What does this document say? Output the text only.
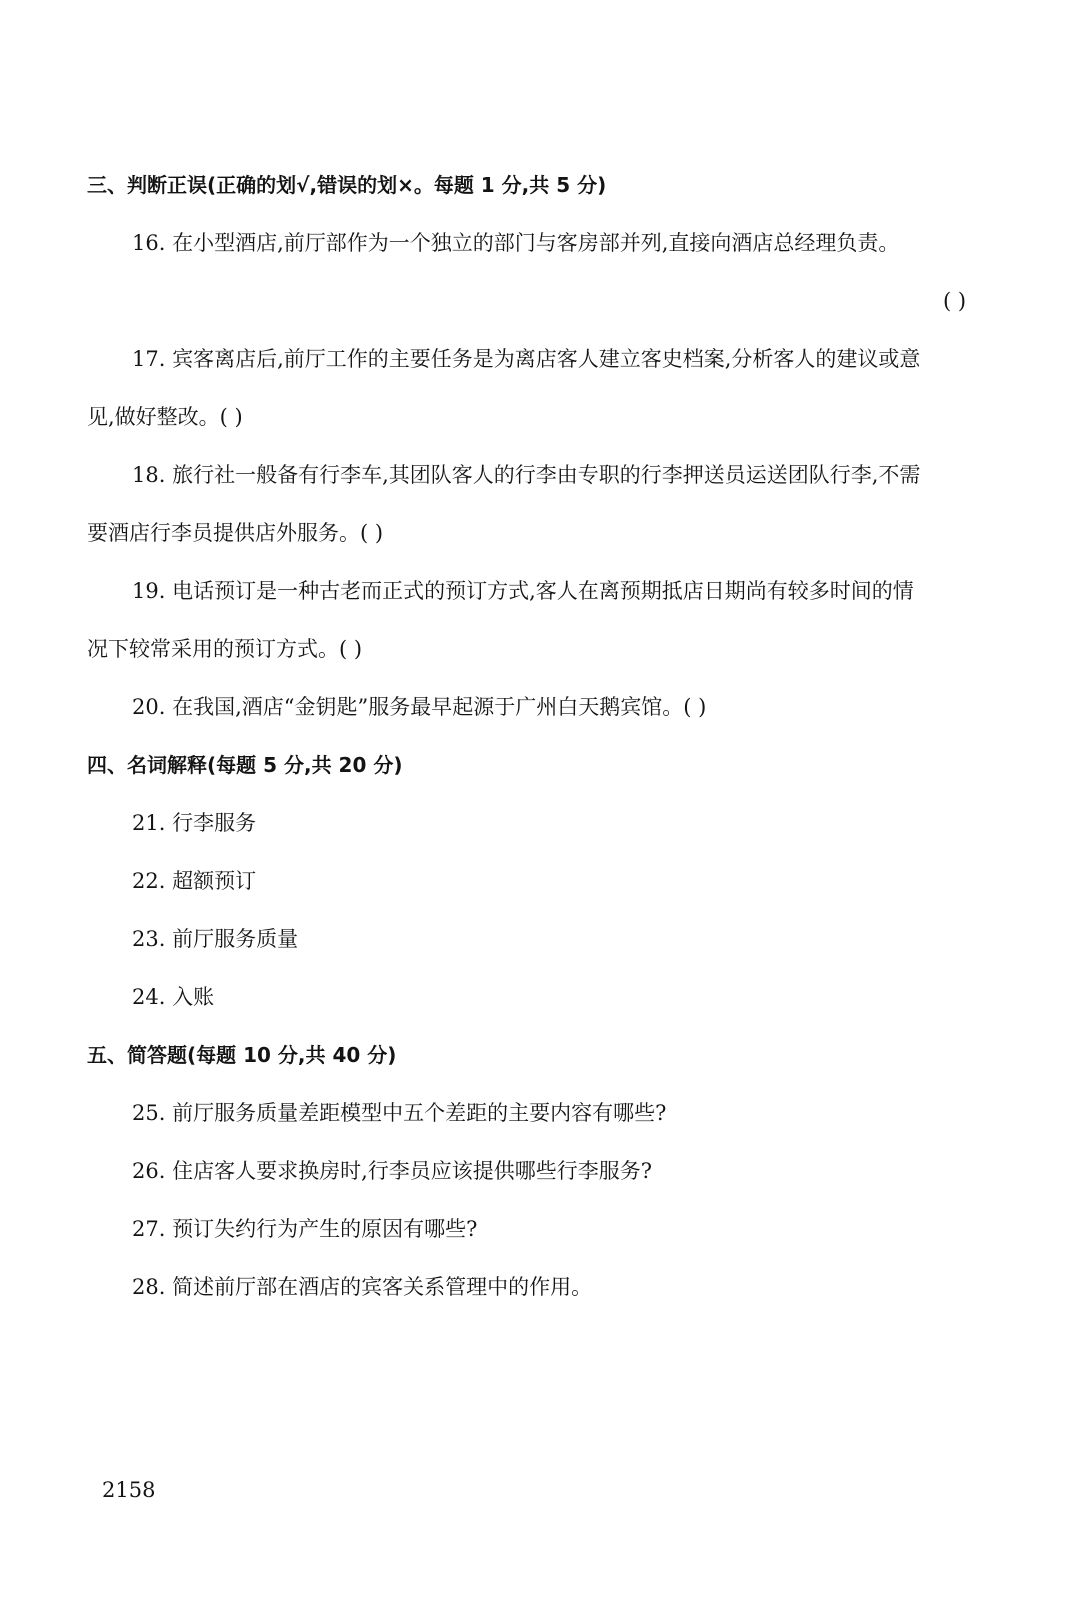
三、判断正误(正确的划√,错误的划×。每题 1 分,共 5 分)
16. 在小型酒店,前厅部作为一个独立的部门与客房部并列,直接向酒店总经理负责。
( )
17. 宾客离店后,前厅工作的主要任务是为离店客人建立客史档案,分析客人的建议或意
见,做好整改。( )
18. 旅行社一般备有行李车,其团队客人的行李由专职的行李押送员运送团队行李,不需
要酒店行李员提供店外服务。( )
19. 电话预订是一种古老而正式的预订方式,客人在离预期抵店日期尚有较多时间的情
况下较常采用的预订方式。( )
20. 在我国,酒店“金钥匙”服务最早起源于广州白天鹅宾馆。( )
四、名词解释(每题 5 分,共 20 分)
21. 行李服务
22. 超额预订
23. 前厅服务质量
24. 入账
五、简答题(每题 10 分,共 40 分)
25. 前厅服务质量差距模型中五个差距的主要内容有哪些?
26. 住店客人要求换房时,行李员应该提供哪些行李服务?
27. 预订失约行为产生的原因有哪些?
28. 简述前厅部在酒店的宾客关系管理中的作用。
2158
